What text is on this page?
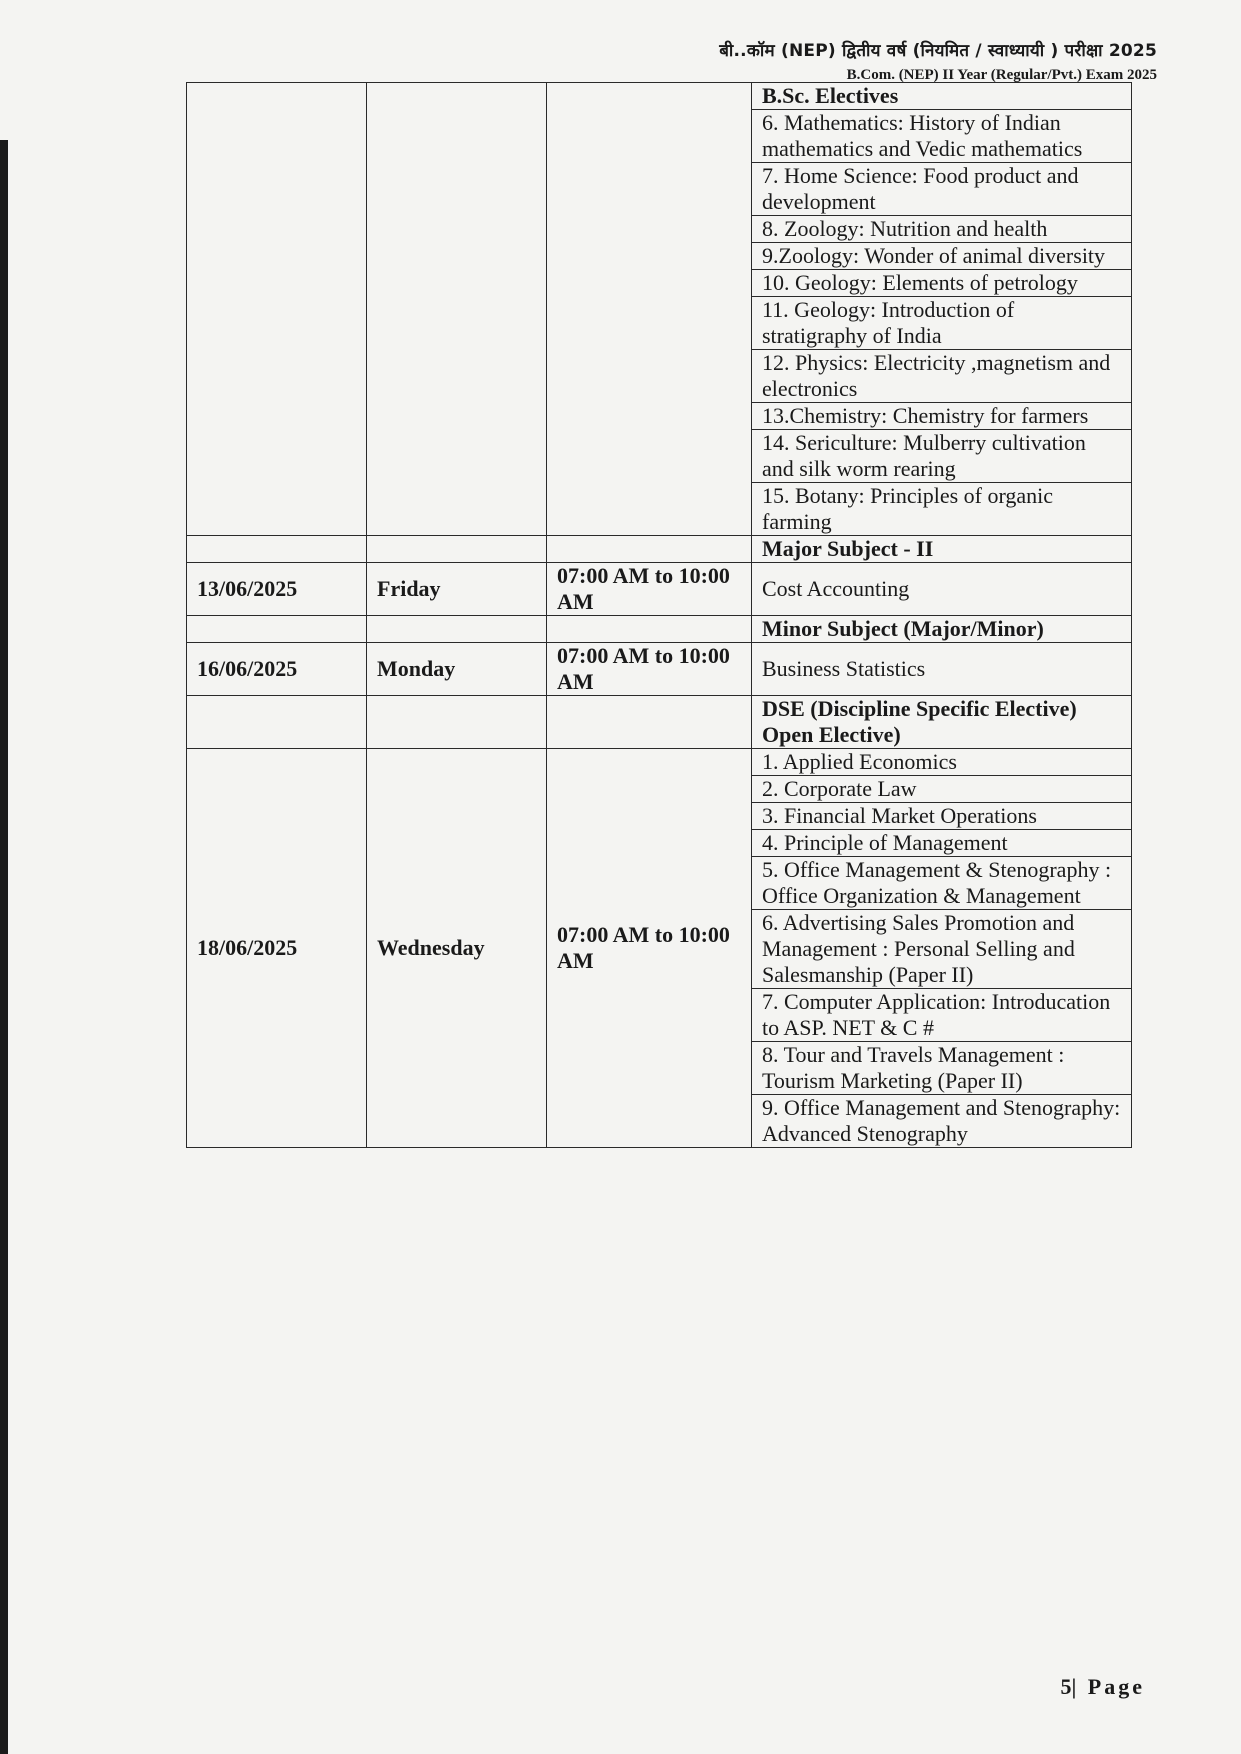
बी..कॉम (NEP) द्वितीय वर्ष (नियमित / स्वाध्यायी ) परीक्षा 2025
B.Com. (NEP) II Year (Regular/Pvt.) Exam 2025
			B.Sc. Electives
			6. Mathematics: History of Indian mathematics and Vedic mathematics
			7. Home Science: Food product and development
			8. Zoology: Nutrition and health
			9.Zoology: Wonder of animal diversity
			10. Geology: Elements of petrology
			11. Geology: Introduction of stratigraphy of India
			12. Physics: Electricity ,magnetism and electronics
			13.Chemistry: Chemistry for farmers
			14. Sericulture: Mulberry cultivation and silk worm rearing
			15. Botany: Principles of organic farming
			Major Subject - II
13/06/2025	Friday	07:00 AM to 10:00 AM	Cost Accounting
			Minor Subject (Major/Minor)
16/06/2025	Monday	07:00 AM to 10:00 AM	Business Statistics
			DSE (Discipline Specific Elective) Open Elective)
18/06/2025	Wednesday	07:00 AM to 10:00 AM	1. Applied Economics
			2. Corporate Law
			3. Financial Market Operations
			4. Principle of Management
			5. Office Management & Stenography : Office Organization & Management
			6. Advertising Sales Promotion and Management : Personal Selling and Salesmanship (Paper II)
			7. Computer Application: Introducation to ASP. NET & C #
			8. Tour and Travels Management : Tourism Marketing (Paper II)
			9. Office Management and Stenography: Advanced Stenography
5| Page
